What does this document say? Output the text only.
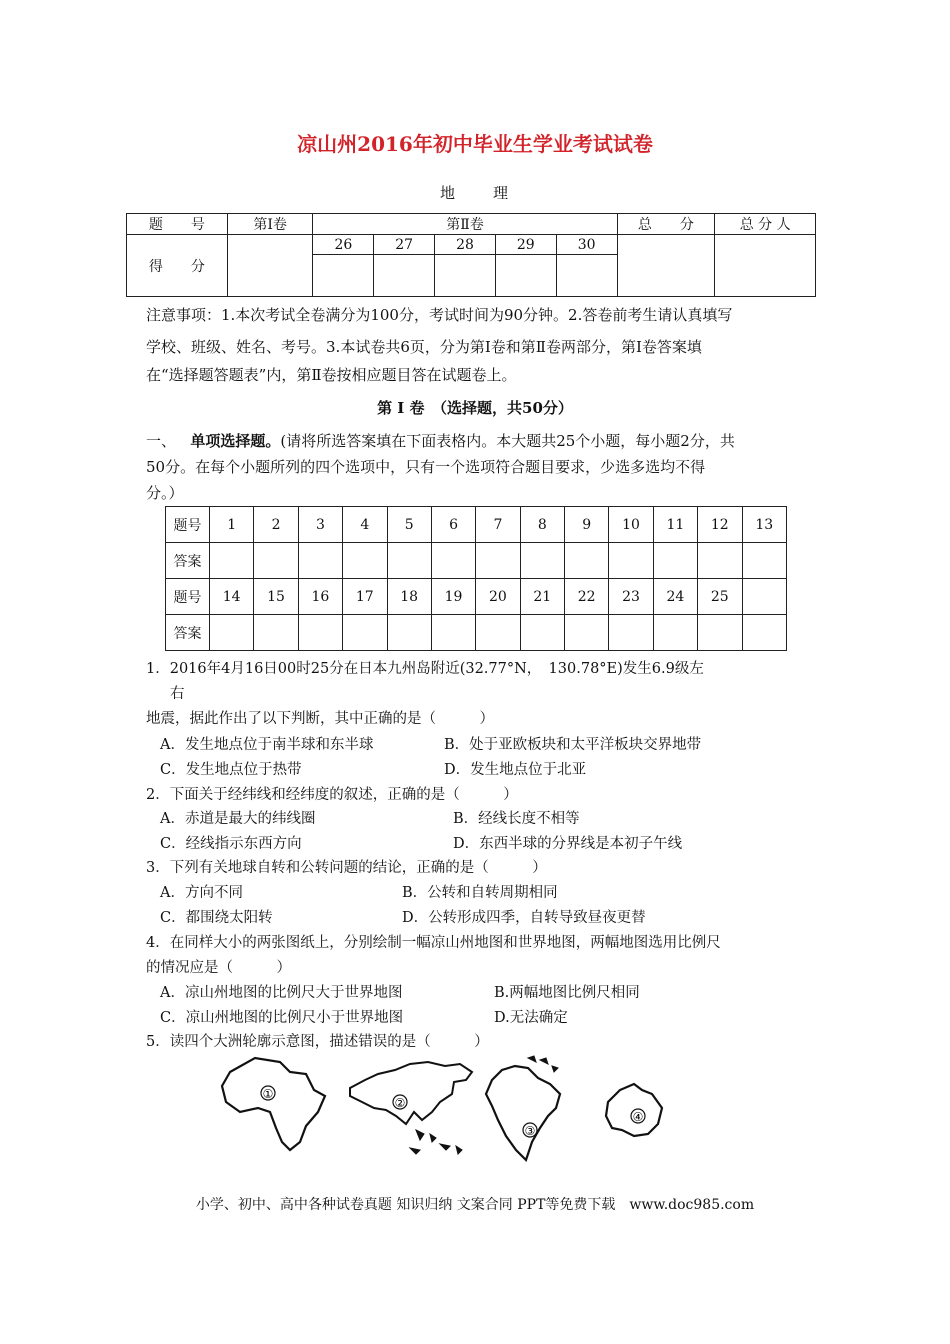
凉山州2016年初中毕业生学业考试试卷
地 理
题　　号	第Ⅰ卷	第Ⅱ卷					总　　分	总 分 人
得　　分		26	27	28	29	30		

注意事项：1.本次考试全卷满分为100分，考试时间为90分钟。2.答卷前考生请认真填写
学校、班级、姓名、考号。3.本试卷共6页，分为第Ⅰ卷和第Ⅱ卷两部分，第Ⅰ卷答案填
在“选择题答题表”内，第Ⅱ卷按相应题目答在试题卷上。
第 Ⅰ 卷　（选择题，共50分）
一、 单项选择题。(请将所选答案填在下面表格内。本大题共25个小题，每小题2分，共
50分。在每个小题所列的四个选项中，只有一个选项符合题目要求，少选多选均不得
分。）
题号	1	2	3	4	5	6	7	8	9	10	11	12	13
答案													
题号	14	15	16	17	18	19	20	21	22	23	24	25	
答案													
1．2016年4月16日00时25分在日本九州岛附近(32.77°N，　130.78°E)发生6.9级左
右
地震，据此作出了以下判断，其中正确的是（　　　）
A．发生地点位于南半球和东半球	B．处于亚欧板块和太平洋板块交界地带
C．发生地点位于热带	D．发生地点位于北亚
2．下面关于经纬线和经纬度的叙述，正确的是（　　　）
A．赤道是最大的纬线圈	B．经线长度不相等
C．经线指示东西方向	D．东西半球的分界线是本初子午线
3．下列有关地球自转和公转问题的结论，正确的是（　　　）
A．方向不同	B．公转和自转周期相同
C．都围绕太阳转	D．公转形成四季，自转导致昼夜更替
4．在同样大小的两张图纸上，分别绘制一幅凉山州地图和世界地图，两幅地图选用比例尺
的情况应是（　　　）
A．凉山州地图的比例尺大于世界地图	B.两幅地图比例尺相同
C．凉山州地图的比例尺小于世界地图	D.无法确定
5．读四个大洲轮廓示意图，描述错误的是（　　　）
①
②
③
④
小学、初中、高中各种试卷真题 知识归纳 文案合同 PPT等免费下载　www.doc985.com
